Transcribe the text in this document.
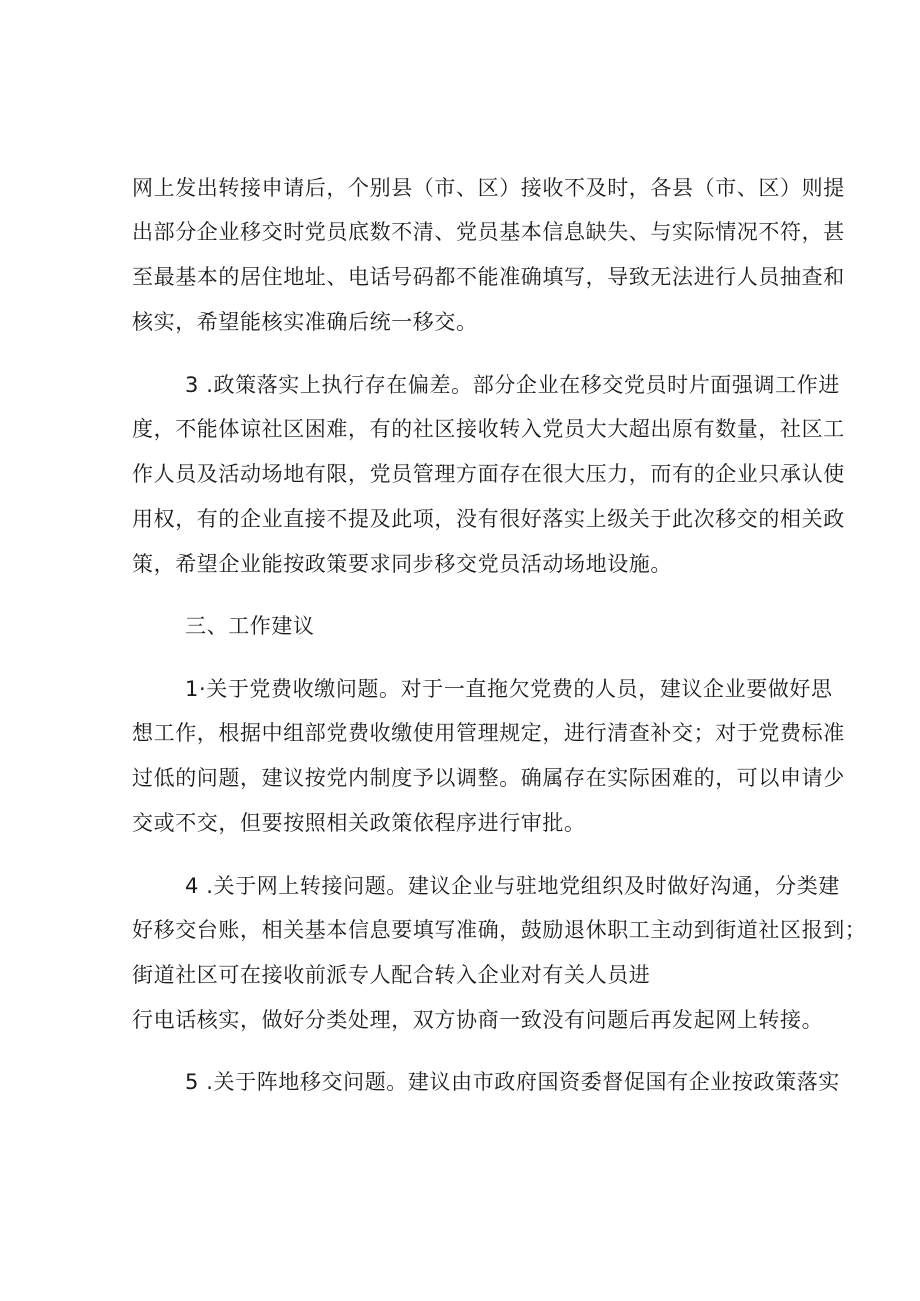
网上发出转接申请后，个别县（市、区）接收不及时，各县（市、区）则提
出部分企业移交时党员底数不清、党员基本信息缺失、与实际情况不符，甚
至最基本的居住地址、电话号码都不能准确填写，导致无法进行人员抽查和
核实，希望能核实准确后统一移交。
3 .政策落实上执行存在偏差。部分企业在移交党员时片面强调工作进
度，不能体谅社区困难，有的社区接收转入党员大大超出原有数量，社区工
作人员及活动场地有限，党员管理方面存在很大压力，而有的企业只承认使
用权，有的企业直接不提及此项，没有很好落实上级关于此次移交的相关政
策，希望企业能按政策要求同步移交党员活动场地设施。
三、工作建议
1·关于党费收缴问题。对于一直拖欠党费的人员，建议企业要做好思
想工作，根据中组部党费收缴使用管理规定，进行清查补交；对于党费标准
过低的问题，建议按党内制度予以调整。确属存在实际困难的，可以申请少
交或不交，但要按照相关政策依程序进行审批。
4 .关于网上转接问题。建议企业与驻地党组织及时做好沟通，分类建
好移交台账，相关基本信息要填写准确，鼓励退休职工主动到街道社区报到；
街道社区可在接收前派专人配合转入企业对有关人员进
行电话核实，做好分类处理，双方协商一致没有问题后再发起网上转接。
5 .关于阵地移交问题。建议由市政府国资委督促国有企业按政策落实
